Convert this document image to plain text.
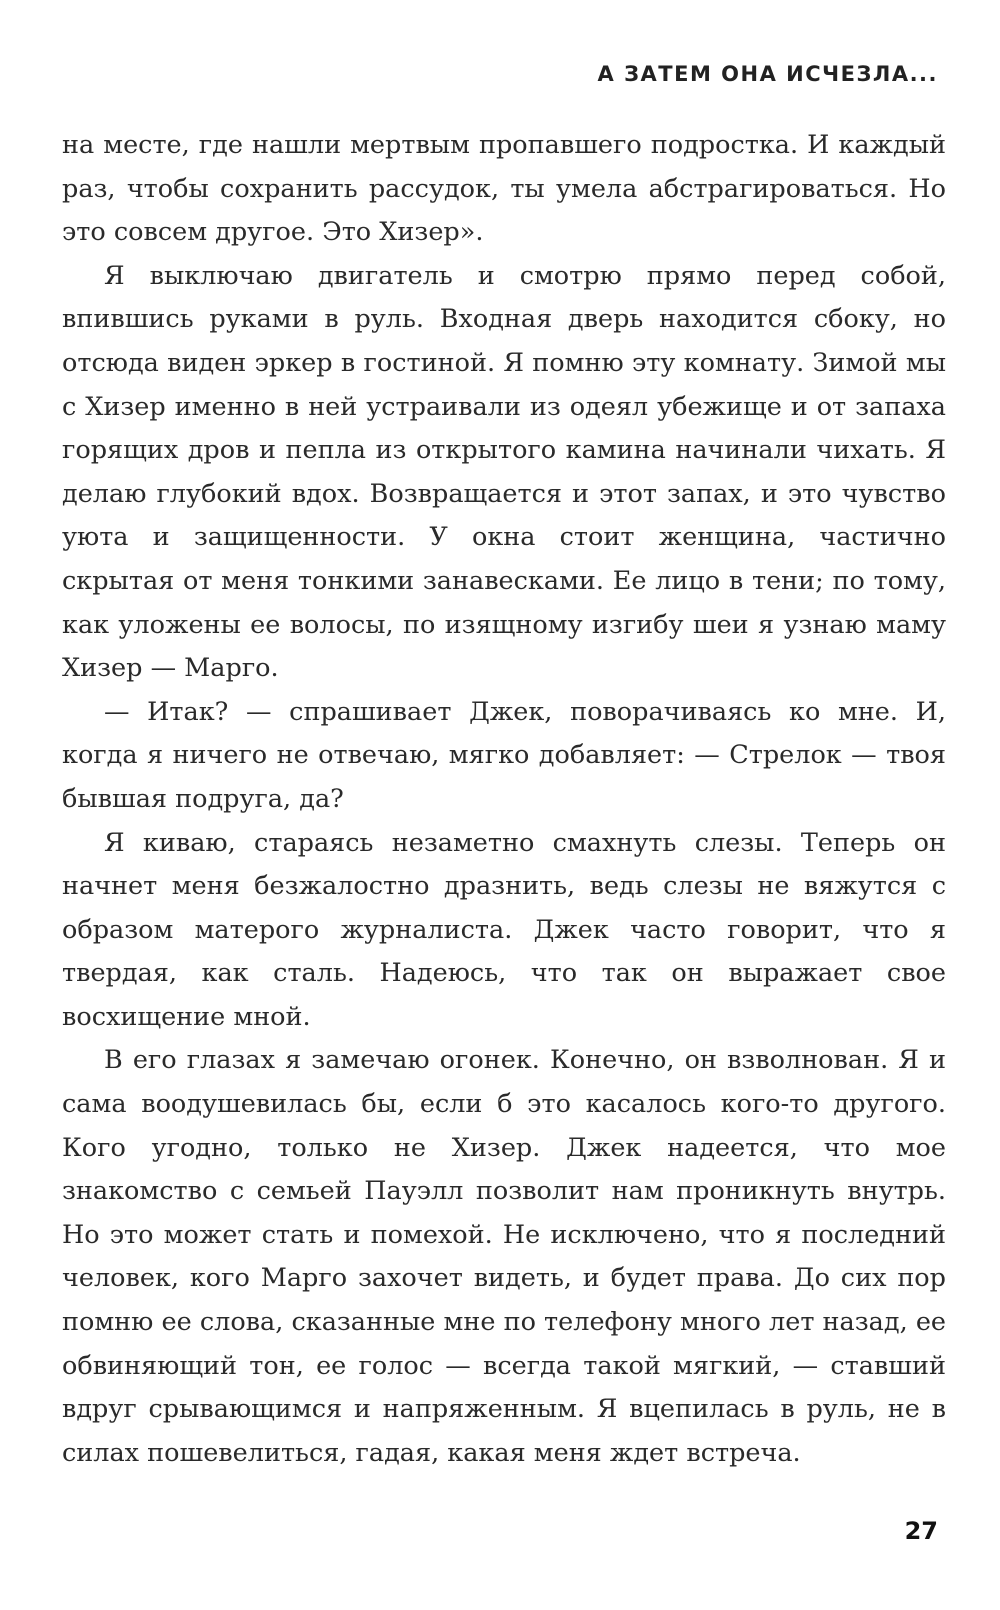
А ЗАТЕМ ОНА ИСЧЕЗЛА...

на месте, где нашли мертвым пропавшего подростка. И каждый раз, чтобы сохранить рассудок, ты умела абстрагироваться. Но это совсем другое. Это Хизер».

Я выключаю двигатель и смотрю прямо перед собой, впившись руками в руль. Входная дверь находится сбоку, но отсюда виден эркер в гостиной. Я помню эту комнату. Зимой мы с Хизер именно в ней устраивали из одеял убежище и от запаха горящих дров и пепла из открытого камина начинали чихать. Я делаю глубокий вдох. Возвращается и этот запах, и это чувство уюта и защищенности. У окна стоит женщина, частично скрытая от меня тонкими занавесками. Ее лицо в тени; по тому, как уложены ее волосы, по изящному изгибу шеи я узнаю маму Хизер — Марго.

— Итак? — спрашивает Джек, поворачиваясь ко мне. И, когда я ничего не отвечаю, мягко добавляет: — Стрелок — твоя бывшая подруга, да?

Я киваю, стараясь незаметно смахнуть слезы. Теперь он начнет меня безжалостно дразнить, ведь слезы не вяжутся с образом матерого журналиста. Джек часто говорит, что я твердая, как сталь. Надеюсь, что так он выражает свое восхищение мной.

В его глазах я замечаю огонек. Конечно, он взволнован. Я и сама воодушевилась бы, если б это касалось кого-то другого. Кого угодно, только не Хизер. Джек надеется, что мое знакомство с семьей Пауэлл позволит нам проникнуть внутрь. Но это может стать и помехой. Не исключено, что я последний человек, кого Марго захочет видеть, и будет права. До сих пор помню ее слова, сказанные мне по телефону много лет назад, ее обвиняющий тон, ее голос — всегда такой мягкий, — ставший вдруг срывающимся и напряженным. Я вцепилась в руль, не в силах пошевелиться, гадая, какая меня ждет встреча.

27
